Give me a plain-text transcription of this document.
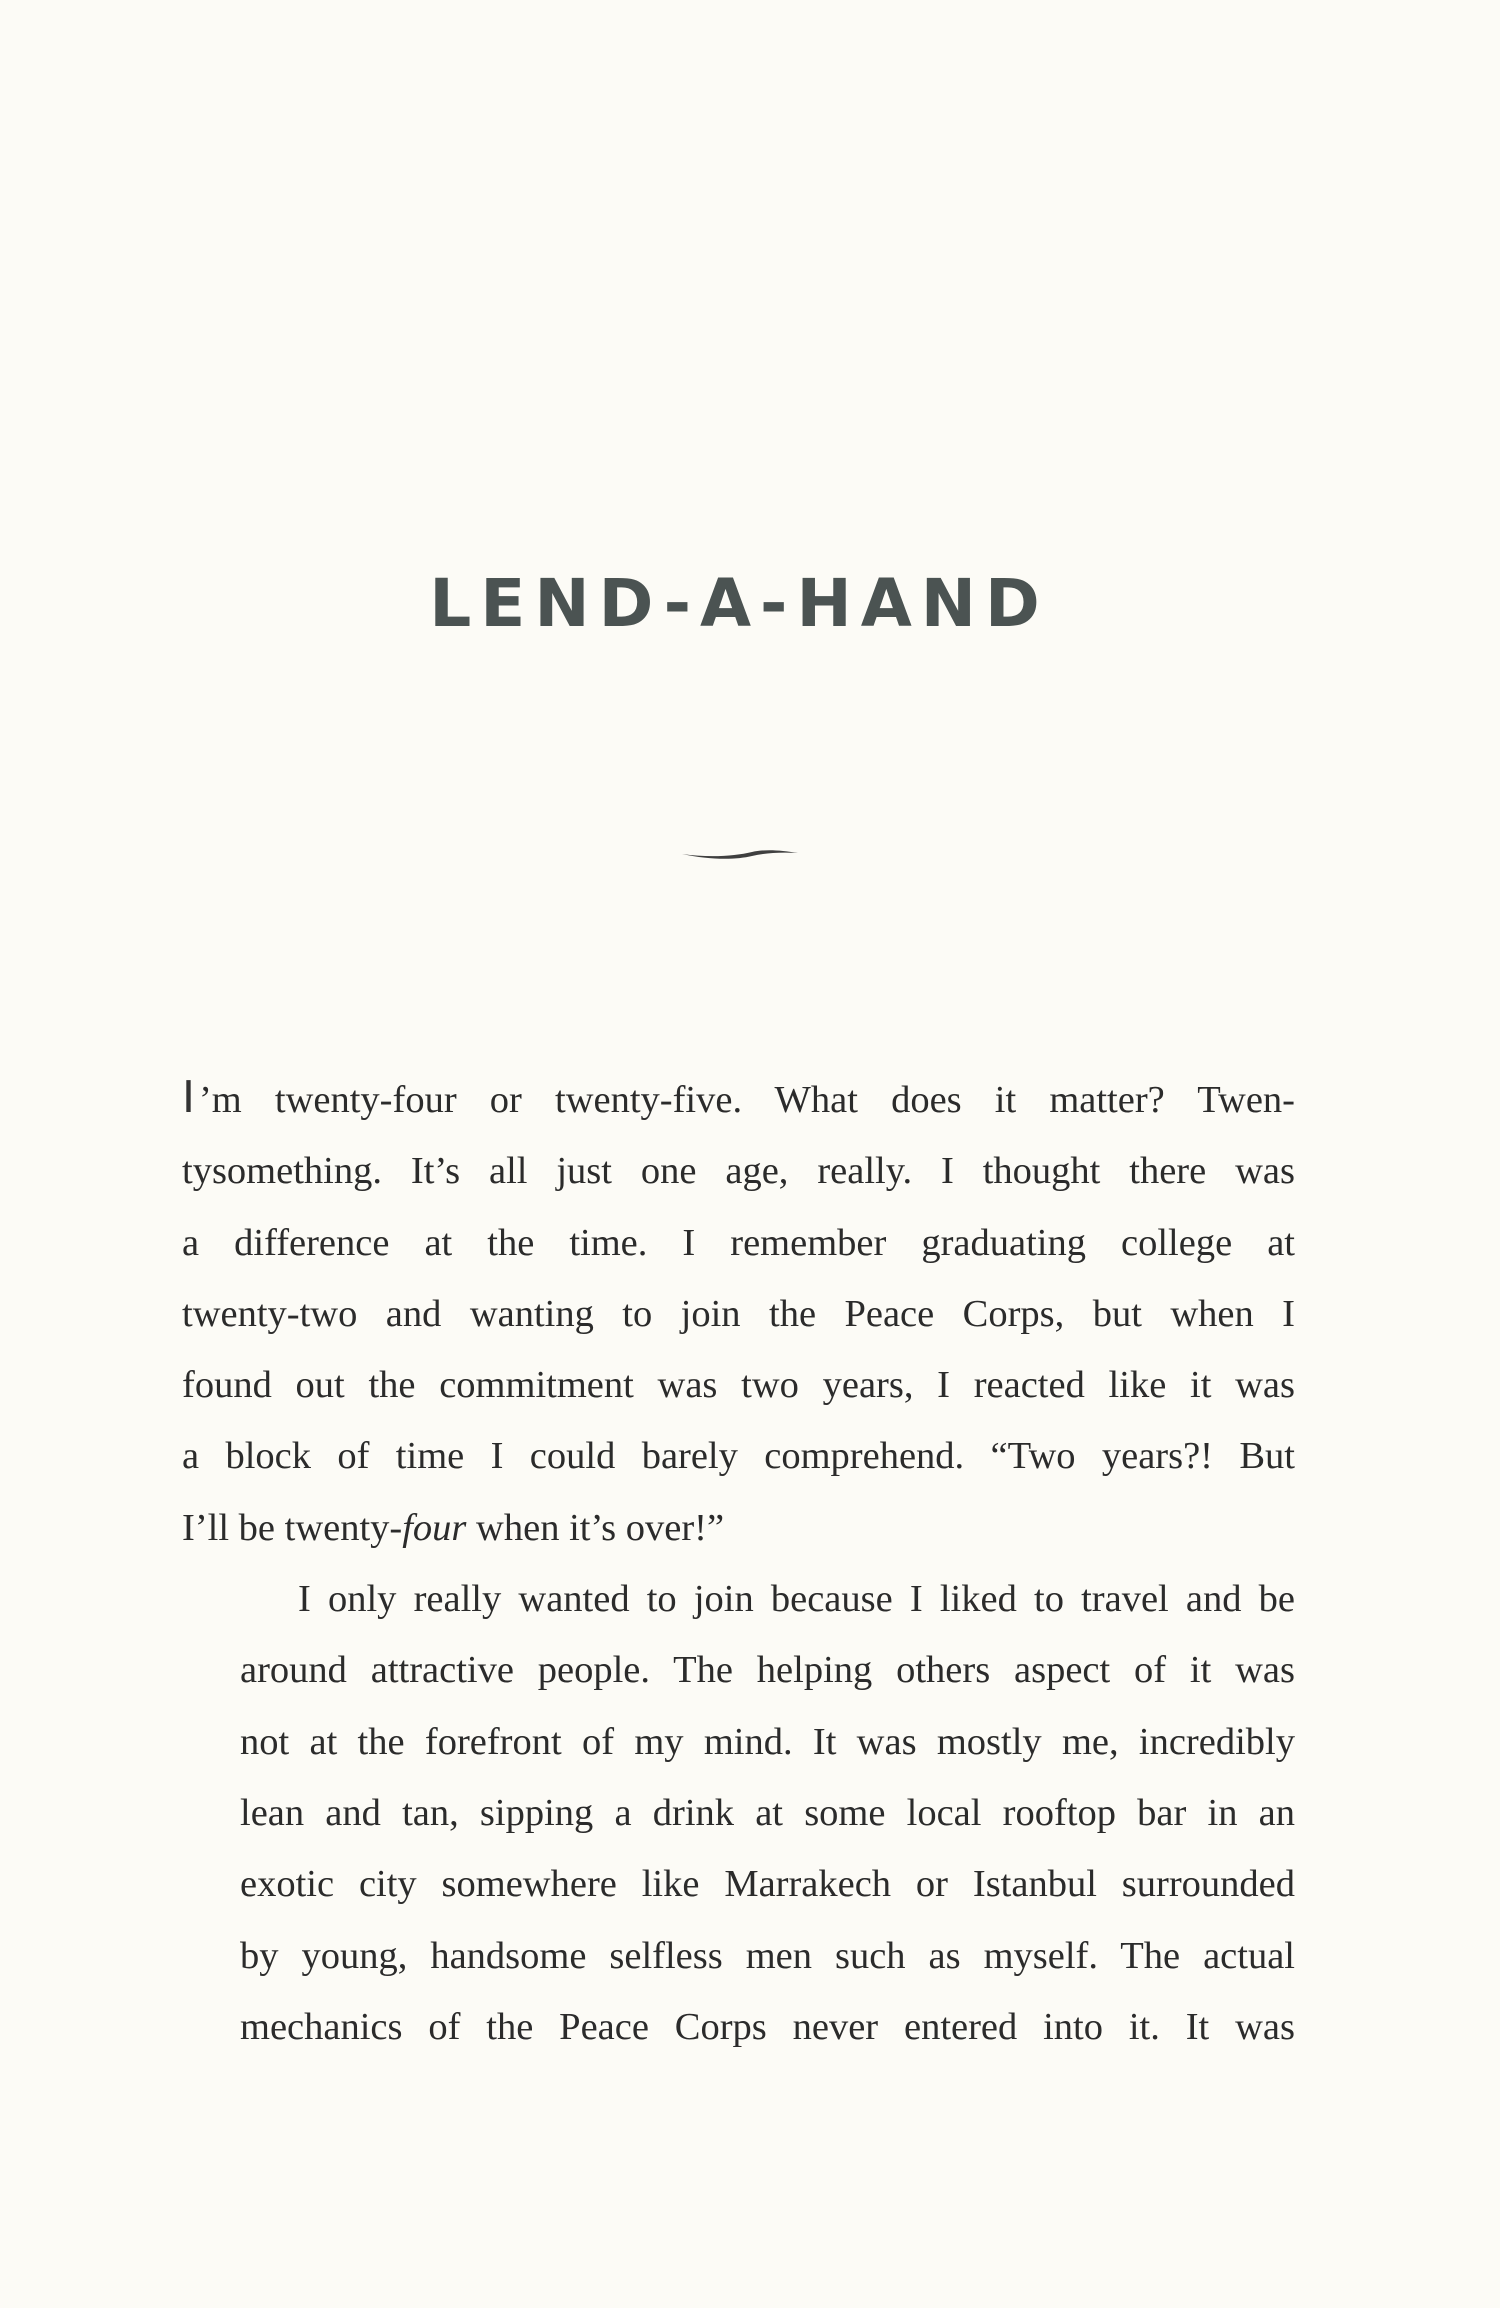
LEND-A-HAND
I ’m twenty-four or twenty-five. What does it matter? Twen-
tysomething. It’s all just one age, really. I thought there was
a difference at the time. I remember graduating college at
twenty-two and wanting to join the Peace Corps, but when I
found out the commitment was two years, I reacted like it was
a block of time I could barely comprehend. “Two years?! But
I’ll be twenty-four when it’s over!”
I only really wanted to join because I liked to travel and be
around attractive people. The helping others aspect of it was
not at the forefront of my mind. It was mostly me, incredibly
lean and tan, sipping a drink at some local rooftop bar in an
exotic city somewhere like Marrakech or Istanbul surrounded
by young, handsome selfless men such as myself. The actual
mechanics of the Peace Corps never entered into it. It was
